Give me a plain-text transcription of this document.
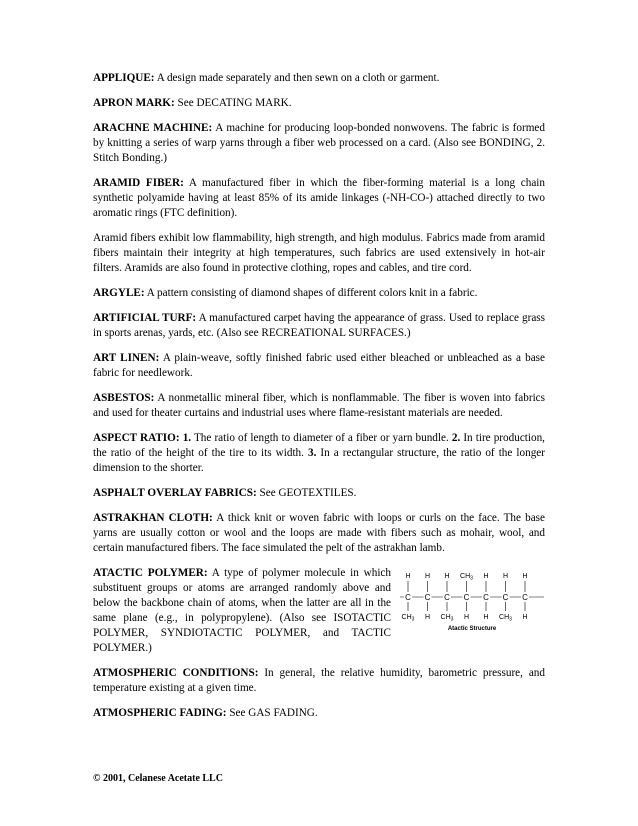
APPLIQUE: A design made separately and then sewn on a cloth or garment.

APRON MARK: See DECATING MARK.

ARACHNE MACHINE: A machine for producing loop-bonded nonwovens. The fabric is formed by knitting a series of warp yarns through a fiber web processed on a card. (Also see BONDING, 2. Stitch Bonding.)

ARAMID FIBER: A manufactured fiber in which the fiber-forming material is a long chain synthetic polyamide having at least 85% of its amide linkages (-NH-CO-) attached directly to two aromatic rings (FTC definition).

Aramid fibers exhibit low flammability, high strength, and high modulus. Fabrics made from aramid fibers maintain their integrity at high temperatures, such fabrics are used extensively in hot-air filters. Aramids are also found in protective clothing, ropes and cables, and tire cord.

ARGYLE: A pattern consisting of diamond shapes of different colors knit in a fabric.

ARTIFICIAL TURF: A manufactured carpet having the appearance of grass. Used to replace grass in sports arenas, yards, etc. (Also see RECREATIONAL SURFACES.)

ART LINEN: A plain-weave, softly finished fabric used either bleached or unbleached as a base fabric for needlework.

ASBESTOS: A nonmetallic mineral fiber, which is nonflammable. The fiber is woven into fabrics and used for theater curtains and industrial uses where flame-resistant materials are needed.

ASPECT RATIO: 1. The ratio of length to diameter of a fiber or yarn bundle. 2. In tire production, the ratio of the height of the tire to its width. 3. In a rectangular structure, the ratio of the longer dimension to the shorter.

ASPHALT OVERLAY FABRICS: See GEOTEXTILES.

ASTRAKHAN CLOTH: A thick knit or woven fabric with loops or curls on the face. The base yarns are usually cotton or wool and the loops are made with fibers such as mohair, wool, and certain manufactured fibers. The face simulated the pelt of the astrakhan lamb.

ATACTIC POLYMER: A type of polymer molecule in which substituent groups or atoms are arranged randomly above and below the backbone chain of atoms, when the latter are all in the same plane (e.g., in polypropylene). (Also see ISOTACTIC POLYMER, SYNDIOTACTIC POLYMER, and TACTIC POLYMER.)

H
C
$CH_3$
H
C
H
H
C
$CH_3$
$CH_3$
C
H
H
C
H
H
C
$CH_3$
H
C
H
Atactic Structure

ATMOSPHERIC CONDITIONS: In general, the relative humidity, barometric pressure, and temperature existing at a given time.

ATMOSPHERIC FADING: See GAS FADING.

© 2001, Celanese Acetate LLC
